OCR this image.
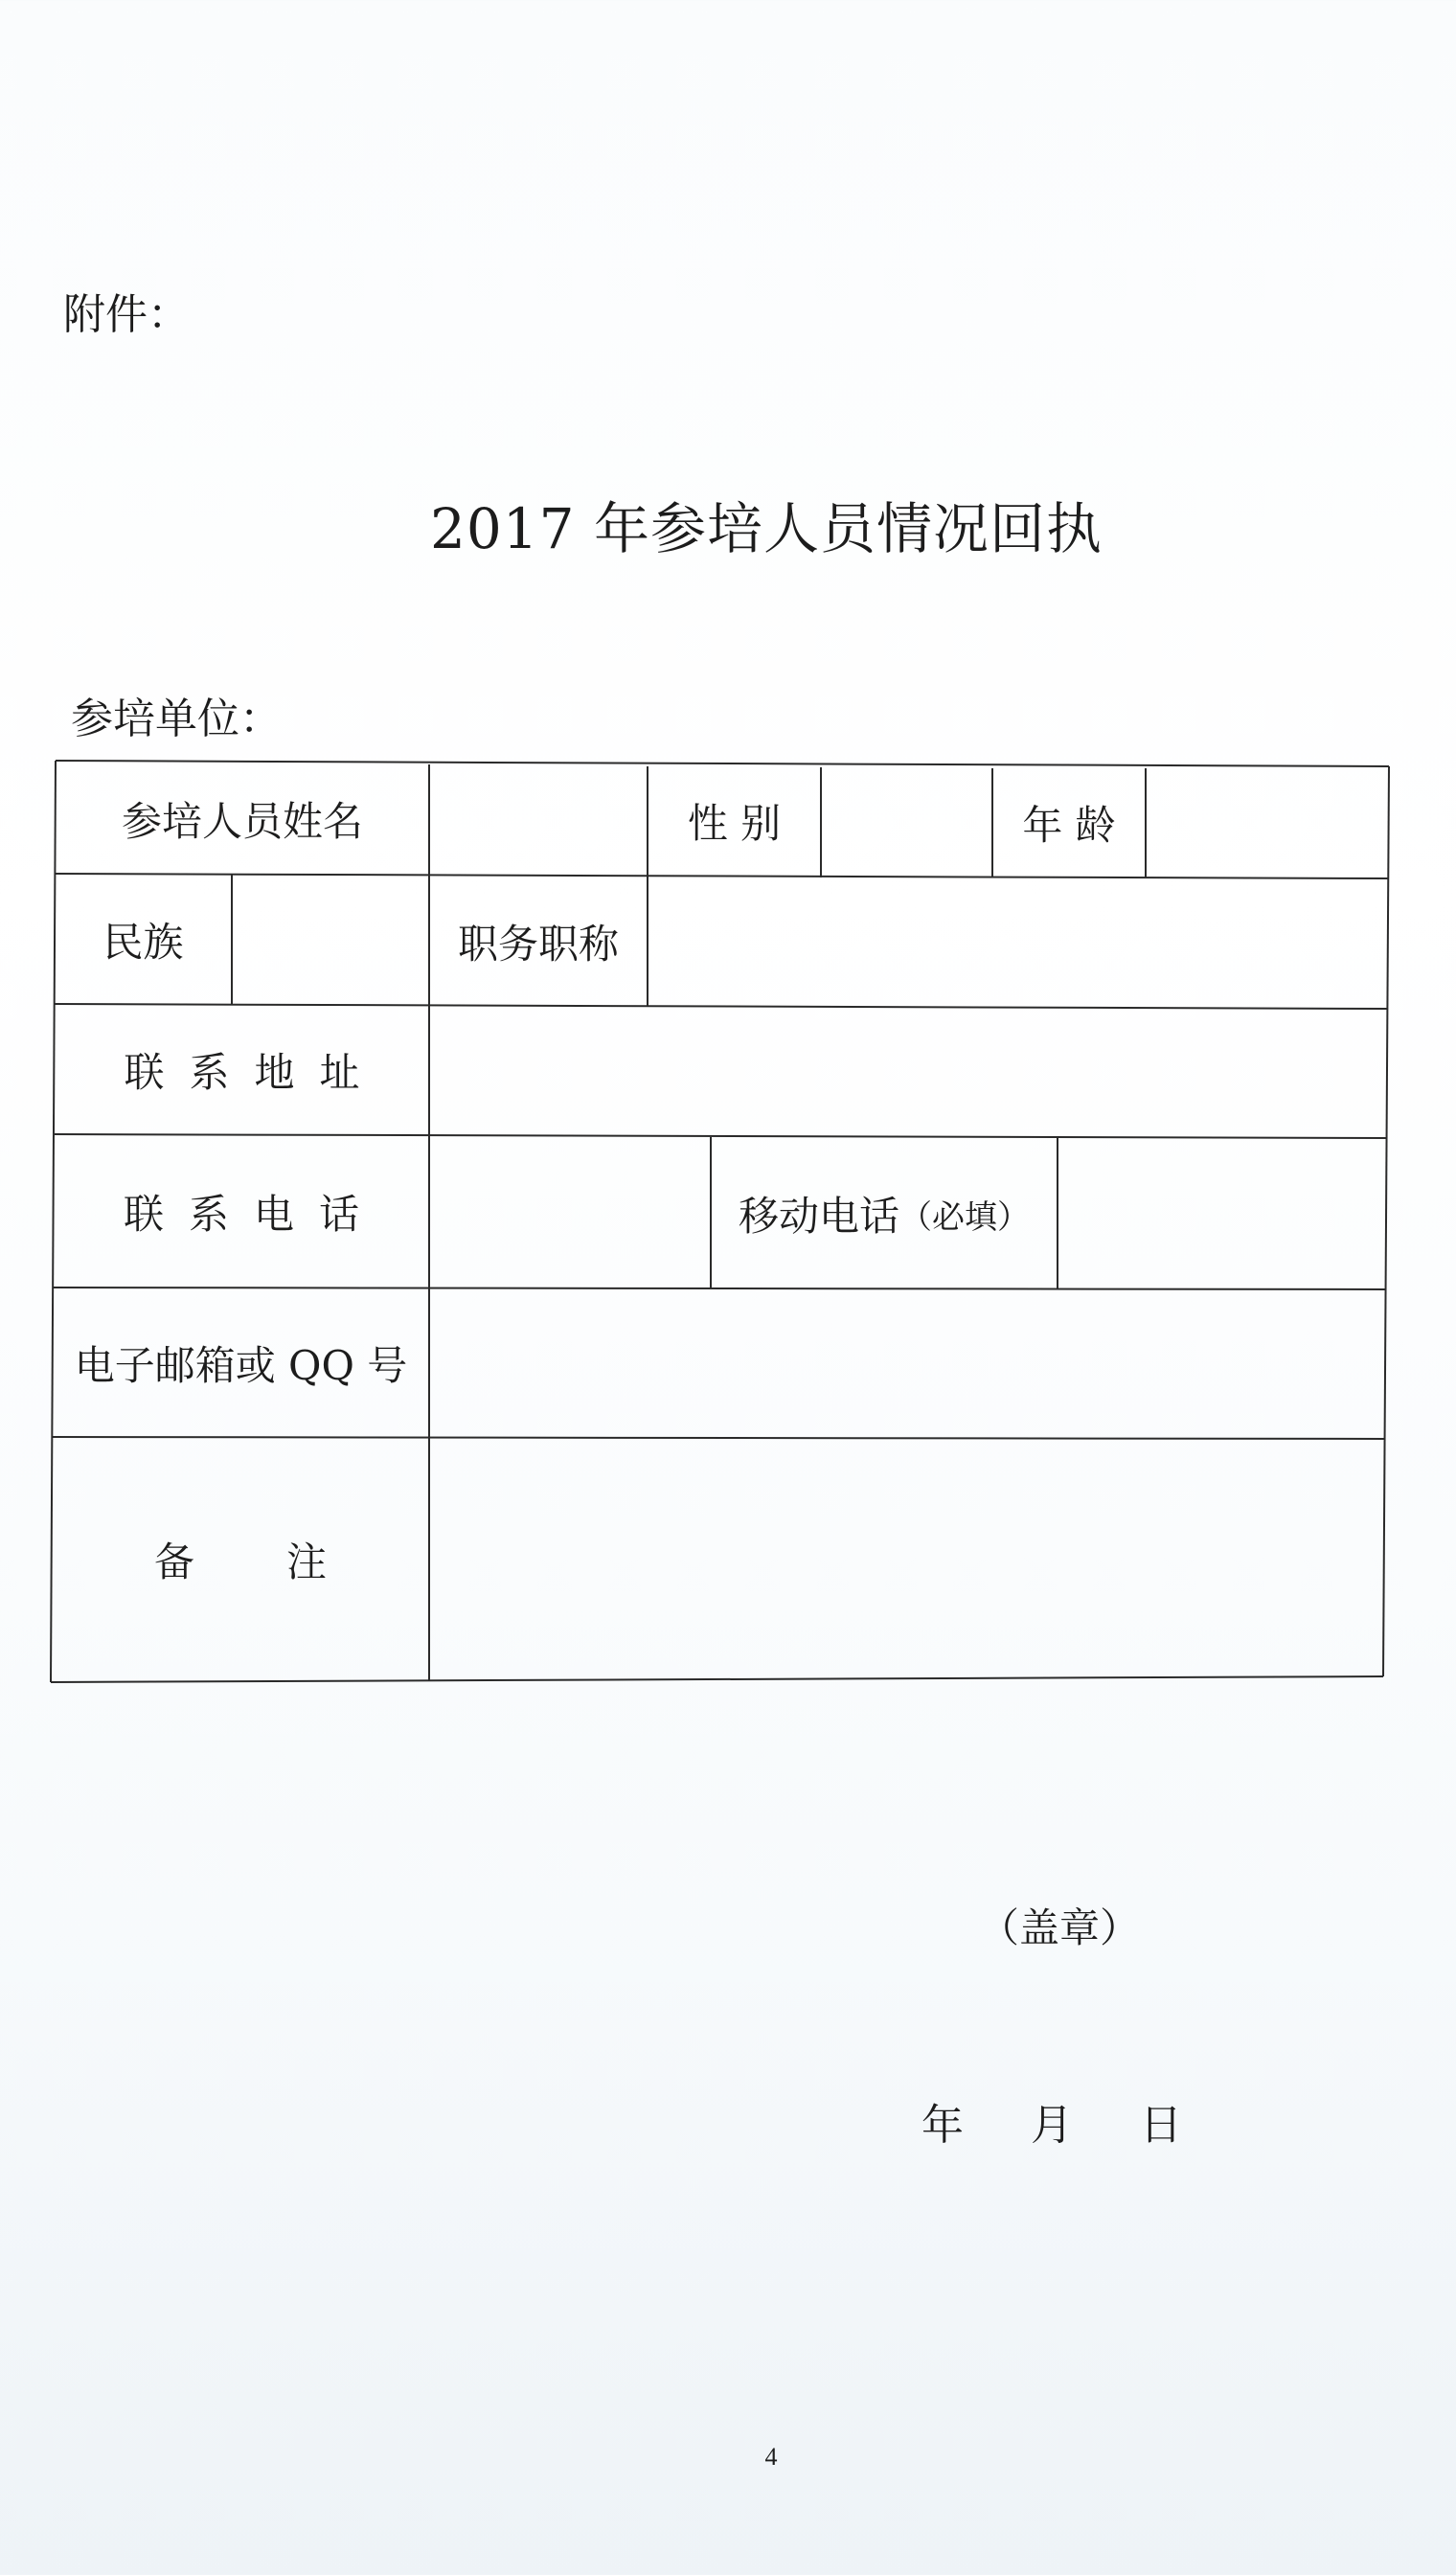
附件：
2017 年参培人员情况回执
参培单位：
参培人员姓名	性 别	年 龄
民族	职务职称
联系地址
联系电话	移动电话 （必填）
电子邮箱或 QQ 号
备注
（盖章）
年 月 日
4
